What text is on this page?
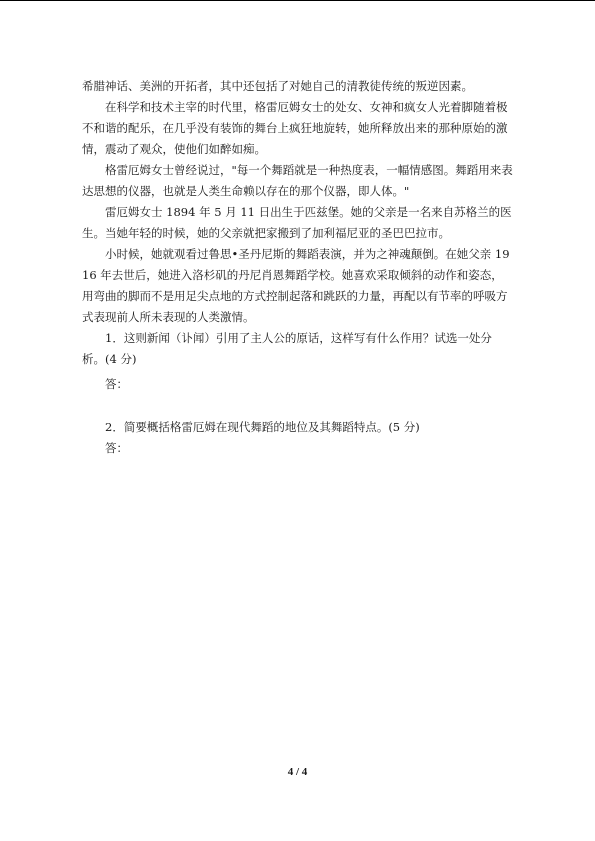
希腊神话、美洲的开拓者，其中还包括了对她自己的清教徒传统的叛逆因素。

在科学和技术主宰的时代里，格雷厄姆女士的处女、女神和疯女人光着脚随着极不和谐的配乐，在几乎没有装饰的舞台上疯狂地旋转，她所释放出来的那种原始的激情，震动了观众，使他们如醉如痴。

格雷厄姆女士曾经说过，"每一个舞蹈就是一种热度表，一幅情感图。舞蹈用来表达思想的仪器，也就是人类生命赖以存在的那个仪器，即人体。"

雷厄姆女士 1894 年 5 月 11 日出生于匹兹堡。她的父亲是一名来自苏格兰的医生。当她年轻的时候，她的父亲就把家搬到了加利福尼亚的圣巴巴拉市。

小时候，她就观看过鲁思•圣丹尼斯的舞蹈表演，并为之神魂颠倒。在她父亲 1916 年去世后，她进入洛杉矶的丹尼肖恩舞蹈学校。她喜欢采取倾斜的动作和姿态，用弯曲的脚而不是用足尖点地的方式控制起落和跳跃的力量，再配以有节率的呼吸方式表现前人所未表现的人类激情。

1．这则新闻（讣闻）引用了主人公的原话，这样写有什么作用？试选一处分析。(4 分)

答：

2．简要概括格雷厄姆在现代舞蹈的地位及其舞蹈特点。(5 分)

答：

4 / 4
